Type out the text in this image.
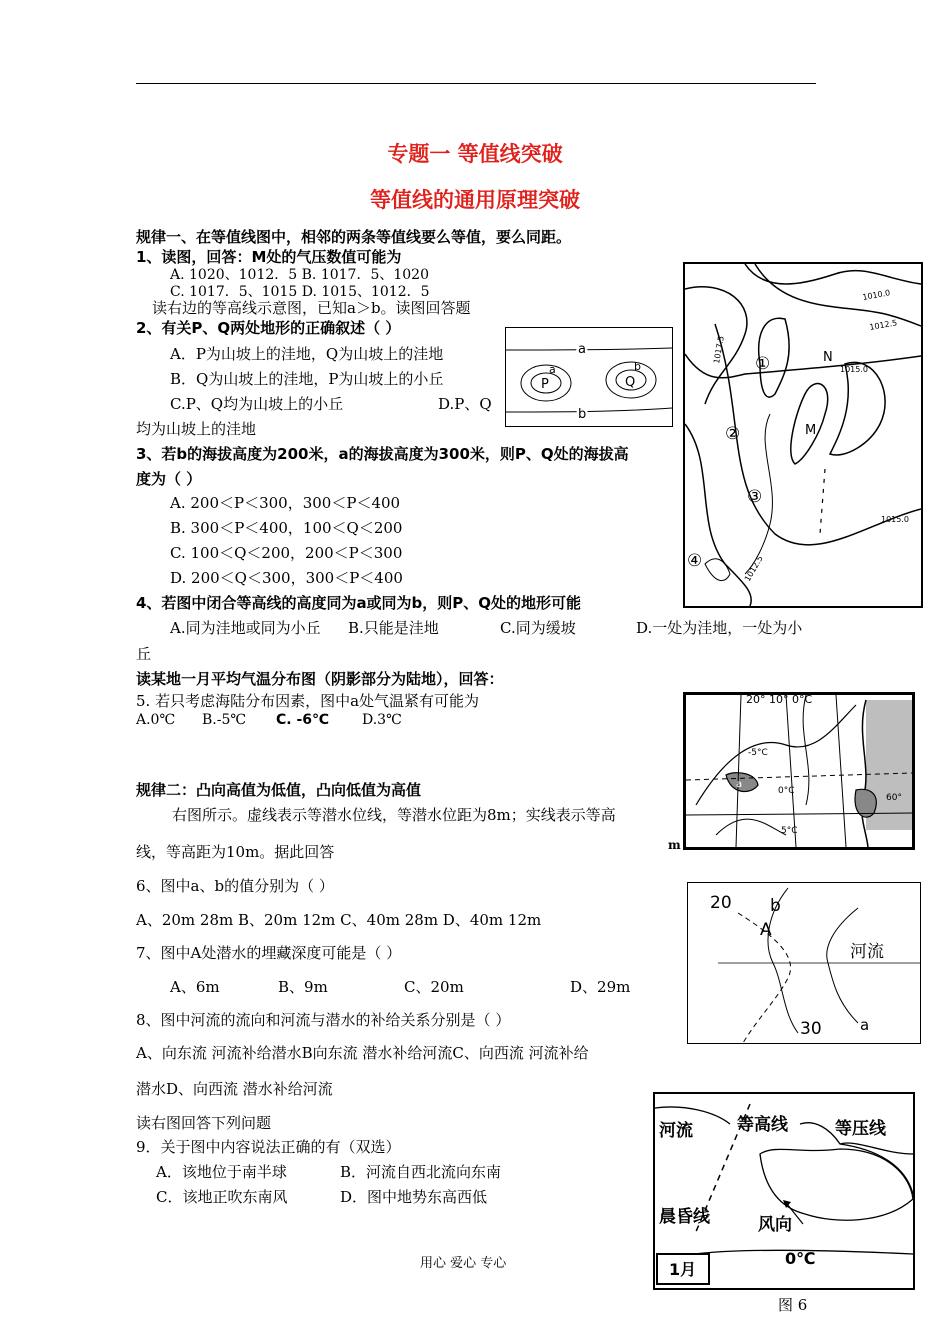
专题一 等值线突破
等值线的通用原理突破
规律一、在等值线图中，相邻的两条等值线要么等值，要么同距。
1、读图，回答：M处的气压数值可能为
A. 1020、1012．5 B. 1017．5、1020
C. 1017．5、1015 D. 1015、1012．5
读右边的等高线示意图，已知a＞b。读图回答题
2、有关P、Q两处地形的正确叙述（ ）
A．P为山坡上的洼地，Q为山坡上的洼地
B．Q为山坡上的洼地，P为山坡上的小丘
C.P、Q均为山坡上的小丘	D.P、Q
均为山坡上的洼地
3、若b的海拔高度为200米，a的海拔高度为300米，则P、Q处的海拔高
度为（ ）
A. 200＜P＜300，300＜P＜400
B. 300＜P＜400，100＜Q＜200
C. 100＜Q＜200，200＜P＜300
D. 200＜Q＜300，300＜P＜400
4、若图中闭合等高线的高度同为a或同为b，则P、Q处的地形可能
A.同为洼地或同为小丘 B.只能是洼地	C.同为缓坡	D.一处为洼地，一处为小
丘
读某地一月平均气温分布图（阴影部分为陆地），回答：
5. 若只考虑海陆分布因素，图中a处气温紧有可能为
A.0℃ B.-5℃ C. -6℃ D.3℃
规律二：凸向高值为低值，凸向低值为高值
右图所示。虚线表示等潜水位线，等潜水位距为8m；实线表示等高
线，等高距为10m。据此回答
6、图中a、b的值分别为（ ）
A、20m 28m B、20m 12m C、40m 28m D、40m 12m
7、图中A处潜水的埋藏深度可能是（ ）
A、6m	B、9m	C、20m	D、29m
8、图中河流的流向和河流与潜水的补给关系分别是（ ）
A、向东流 河流补给潜水B向东流 潜水补给河流C、向西流 河流补给
潜水D、向西流 潜水补给河流
读右图回答下列问题
9．关于图中内容说法正确的有（双选）
A．该地位于南半球	B．河流自西北流向东南
C．该地正吹东南风	D．图中地势东高西低
1010.0
1012.5
1017.5
1015.0
1015.0
1012.5
①
②
③
④
N
M
a
b
a	b
P	Q
20° 10° 0°C
-5°C
0°C
5°C
60°
a
m
20 b
A
河流
30	a
河流	等高线	等压线
晨昏线	风向
0℃
1月
图 6
用心 爱心 专心
